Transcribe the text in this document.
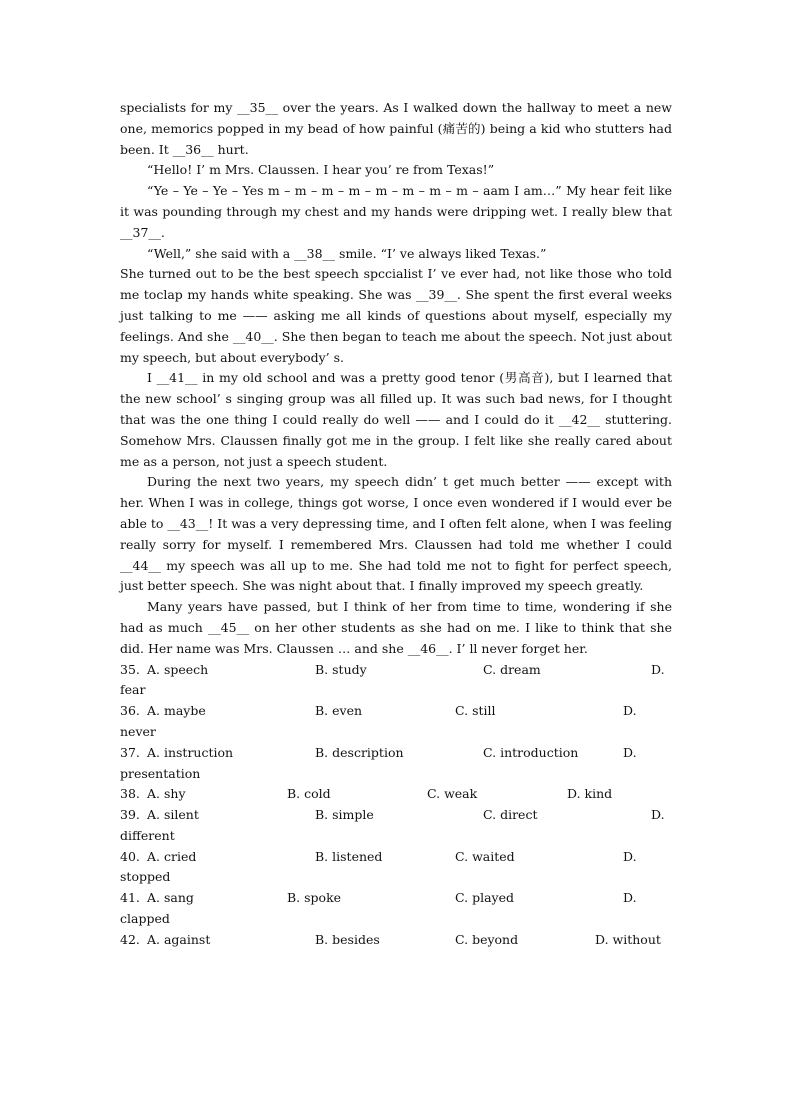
specialists for my __35__ over the years. As I walked down the hallway to meet a new one, memorics popped in my bead of how painful (痛苦的) being a kid who stutters had been. It __36__ hurt.

“Hello! I’ m Mrs. Claussen. I hear you’ re from Texas!”

“Ye – Ye – Ye – Yes m – m – m – m – m – m – m – m – aam I am…” My hear feit like it was pounding through my chest and my hands were dripping wet. I really blew that __37__.

“Well,” she said with a __38__ smile. “I’ ve always liked Texas.”

She turned out to be the best speech spccialist I’ ve ever had, not like those who told me toclap my hands white speaking. She was __39__. She spent the first everal weeks just talking to me —— asking me all kinds of questions about myself, especially my feelings. And she __40__. She then began to teach me about the speech. Not just about my speech, but about everybody’ s.

I __41__ in my old school and was a pretty good tenor (男高音), but I learned that the new school’ s singing group was all filled up. It was such bad news, for I thought that was the one thing I could really do well —— and I could do it __42__ stuttering. Somehow Mrs. Claussen finally got me in the group. I felt like she really cared about me as a person, not just a speech student.

During the next two years, my speech didn’ t get much better —— except with her. When I was in college, things got worse, I once even wondered if I would ever be able to __43__! It was a very depressing time, and I often felt alone, when I was feeling really sorry for myself. I remembered Mrs. Claussen had told me whether I could __44__ my speech was all up to me. She had told me not to fight for perfect speech, just better speech. She was night about that. I finally improved my speech greatly.

Many years have passed, but I think of her from time to time, wondering if she had as much __45__ on her other students as she had on me. I like to think that she did. Her name was Mrs. Claussen … and she __46__. I’ ll never forget her.

35. A. speech	B. study	C. dream	D.
fear
36. A. maybe	B. even	C. still	D.
never
37. A. instruction	B. description	C. introduction	D.
presentation
38. A. shy	B. cold	C. weak	D. kind
39. A. silent	B. simple	C. direct	D.
different
40. A. cried	B. listened	C. waited	D.
stopped
41. A. sang	B. spoke	C. played	D.
clapped
42. A. against	B. besides	C. beyond	D. without
